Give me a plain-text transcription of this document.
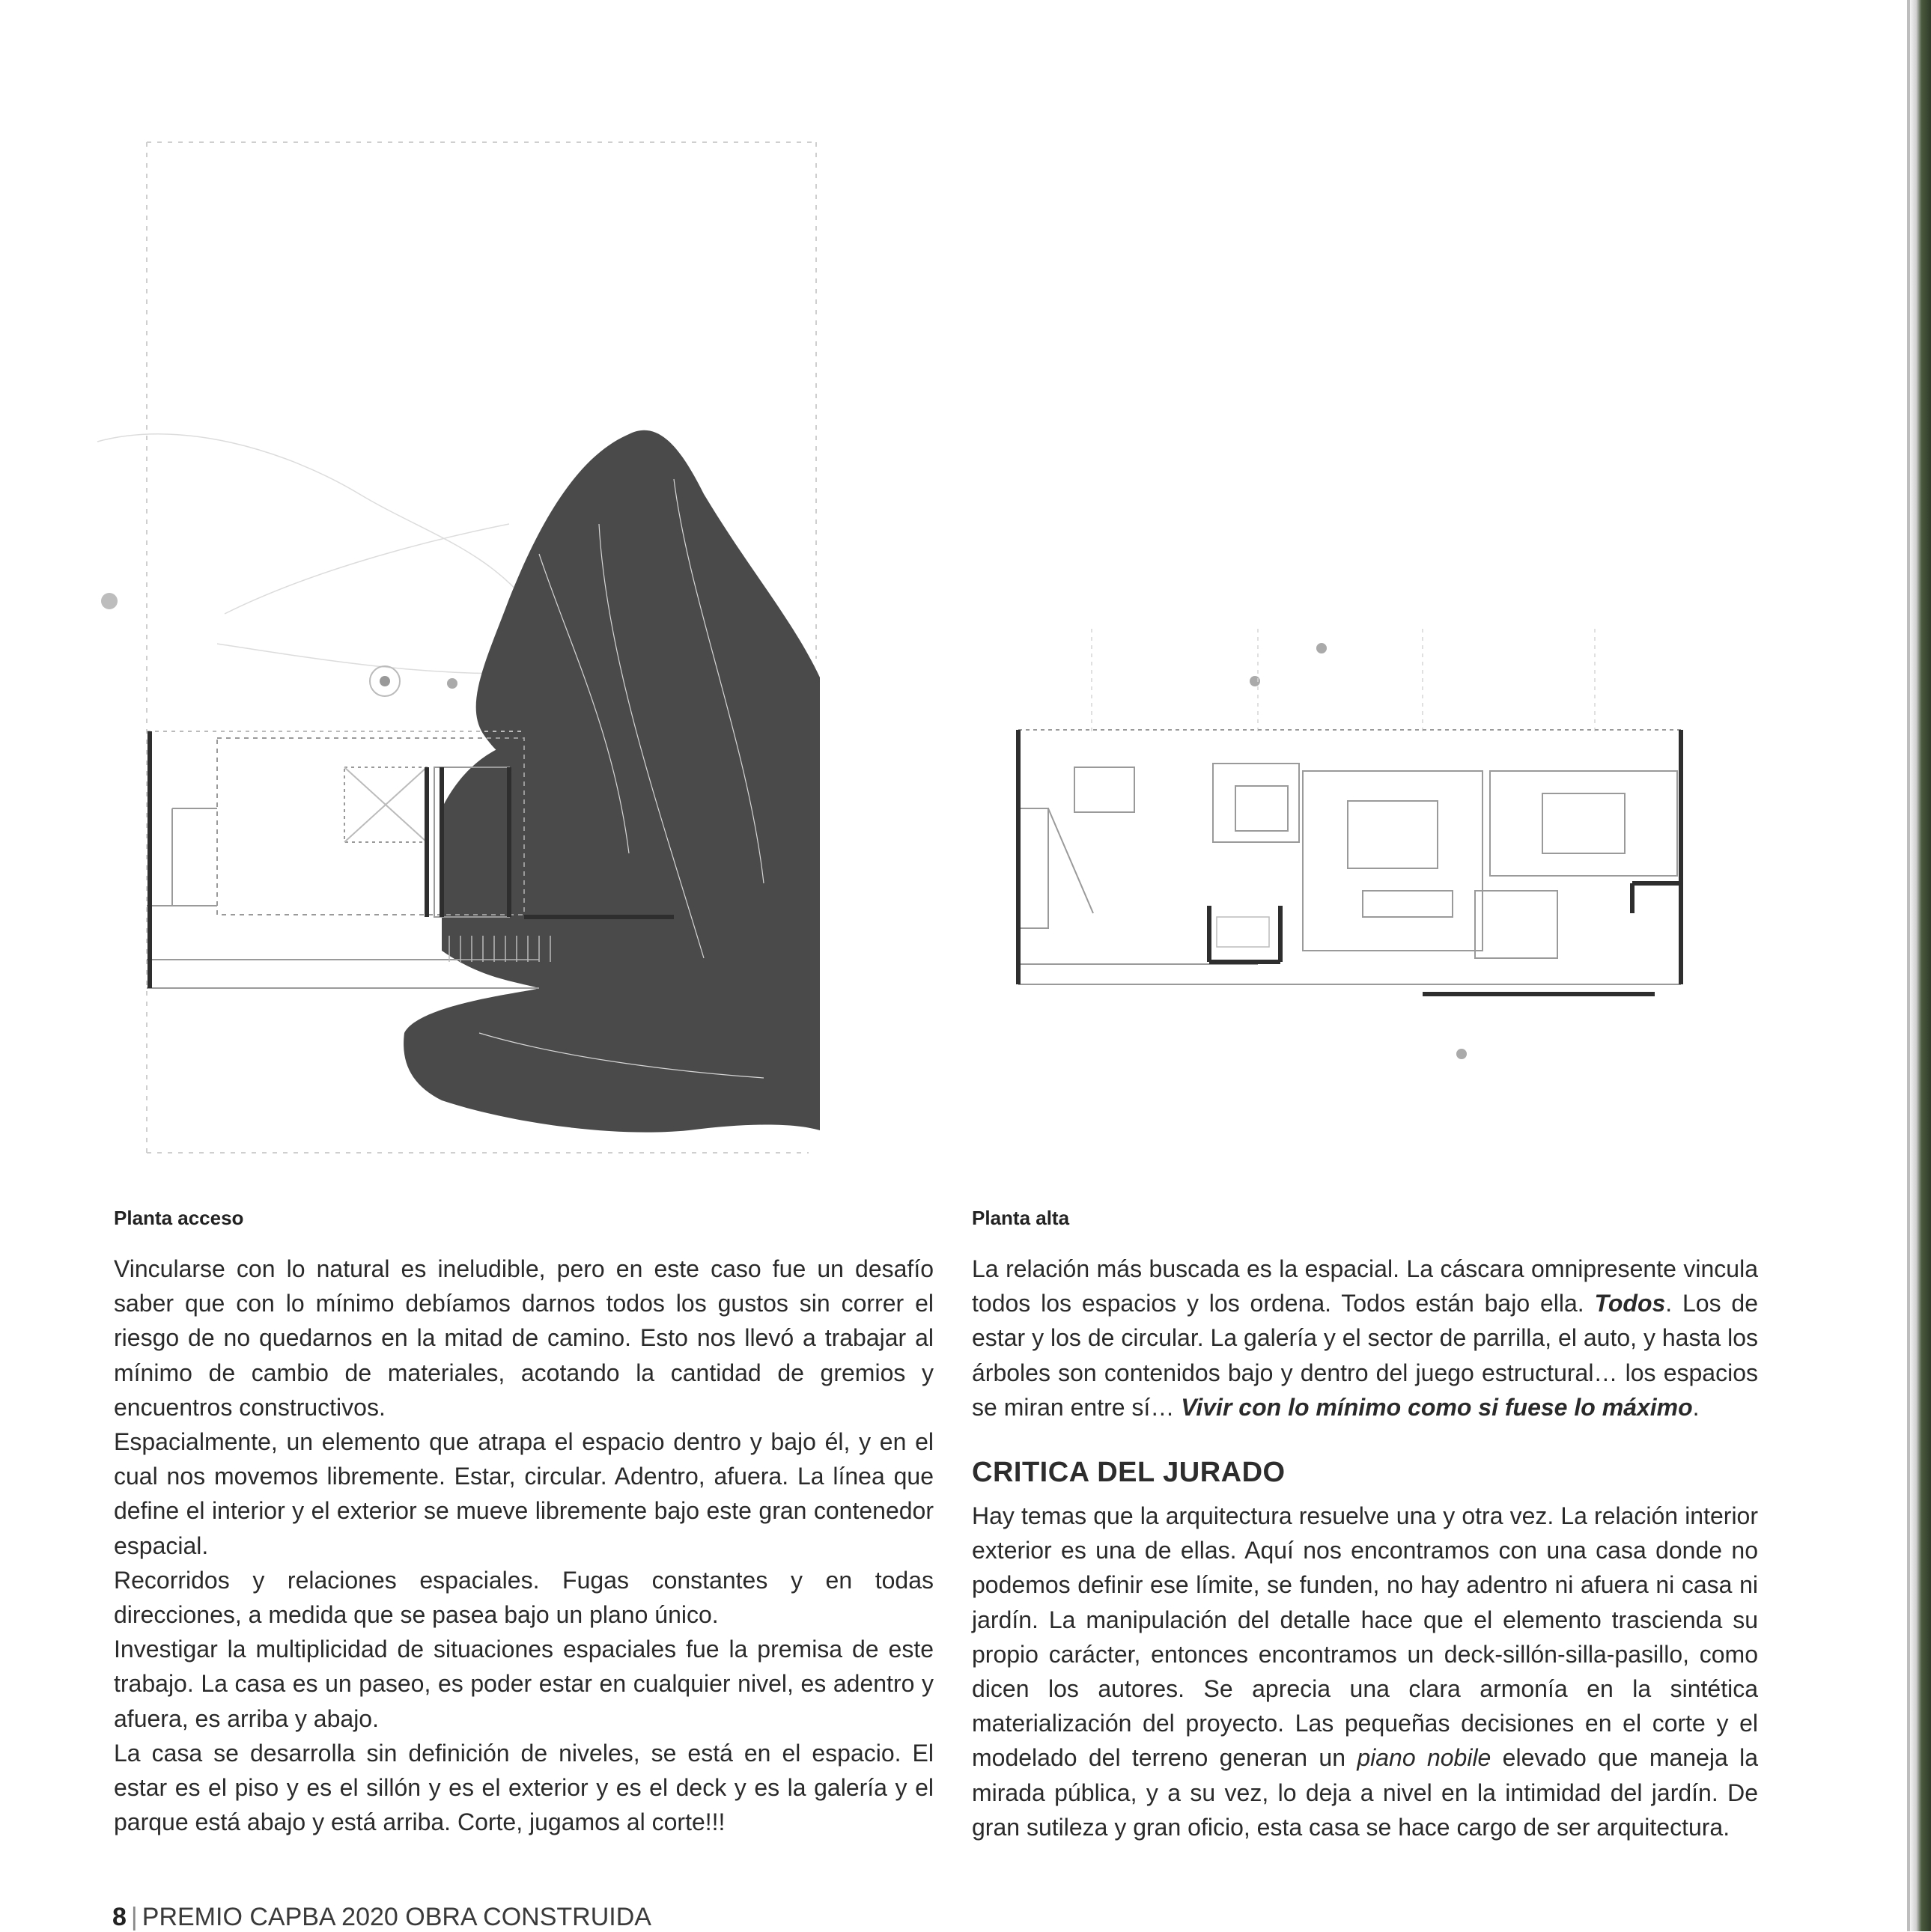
Planta acceso	Planta alta

Vincularse con lo natural es ineludible, pero en este caso fue un desafío saber que con lo mínimo debíamos darnos todos los gustos sin correr el riesgo de no quedarnos en la mitad de camino. Esto nos llevó a trabajar al mínimo de cambio de materiales, acotando la cantidad de gremios y encuentros constructivos.

Espacialmente, un elemento que atrapa el espacio dentro y bajo él, y en el cual nos movemos libremente. Estar, circular. Adentro, afuera. La línea que define el interior y el exterior se mueve libremente bajo este gran contenedor espacial.

Recorridos y relaciones espaciales. Fugas constantes y en todas direcciones, a medida que se pasea bajo un plano único.

Investigar la multiplicidad de situaciones espaciales fue la premisa de este trabajo. La casa es un paseo, es poder estar en cualquier nivel, es adentro y afuera, es arriba y abajo.

La casa se desarrolla sin definición de niveles, se está en el espacio. El estar es el piso y es el sillón y es el exterior y es el deck y es la galería y el parque está abajo y está arriba. Corte, jugamos al corte!!!

La relación más buscada es la espacial. La cáscara omnipresente vincula todos los espacios y los ordena. Todos están bajo ella. Todos. Los de estar y los de circular. La galería y el sector de parrilla, el auto, y hasta los árboles son contenidos bajo y dentro del juego estructural… los espacios se miran entre sí… Vivir con lo mínimo como si fuese lo máximo.

CRITICA DEL JURADO

Hay temas que la arquitectura resuelve una y otra vez. La relación interior exterior es una de ellas. Aquí nos encontramos con una casa donde no podemos definir ese límite, se funden, no hay adentro ni afuera ni casa ni jardín. La manipulación del detalle hace que el elemento trascienda su propio carácter, entonces encontramos un deck-sillón-silla-pasillo, como dicen los autores. Se aprecia una clara armonía en la sintética materialización del proyecto. Las pequeñas decisiones en el corte y el modelado del terreno generan un piano nobile elevado que maneja la mirada pública, y a su vez, lo deja a nivel en la intimidad del jardín. De gran sutileza y gran oficio, esta casa se hace cargo de ser arquitectura.

8 | PREMIO CAPBA 2020 OBRA CONSTRUIDA
